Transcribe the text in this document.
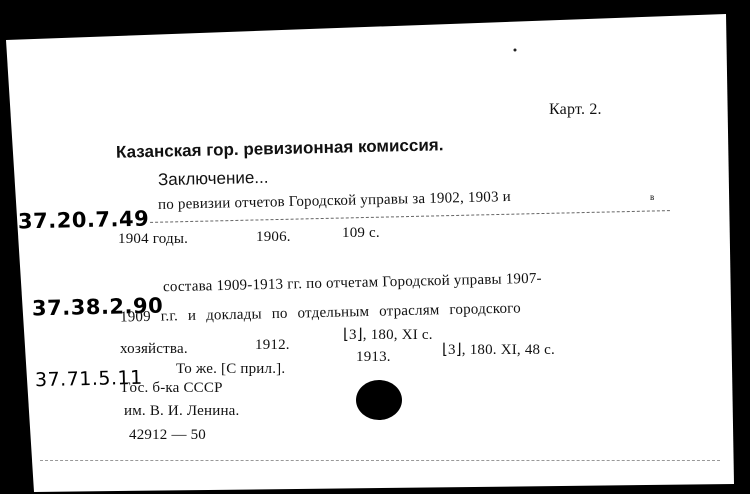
Карт. 2.
Казанская гор. ревизионная комиссия.
Заключение...
37.20.7.49
по ревизии отчетов Городской управы за 1902, 1903 и	в
1904 годы.	1906.	109 с.
37.38.2.90
состава 1909-1913 гг. по отчетам Городской управы 1907-
1909 г.г. и доклады по отдельным отраслям городского
хозяйства.	1912.
⌊3⌋, 180, XI с.
37.71.5.11 То же. [С прил.].
1913.	⌊3⌋, 180. XI, 48 с.
Гос. б-ка СССР
им. В. И. Ленина.
42912 — 50
